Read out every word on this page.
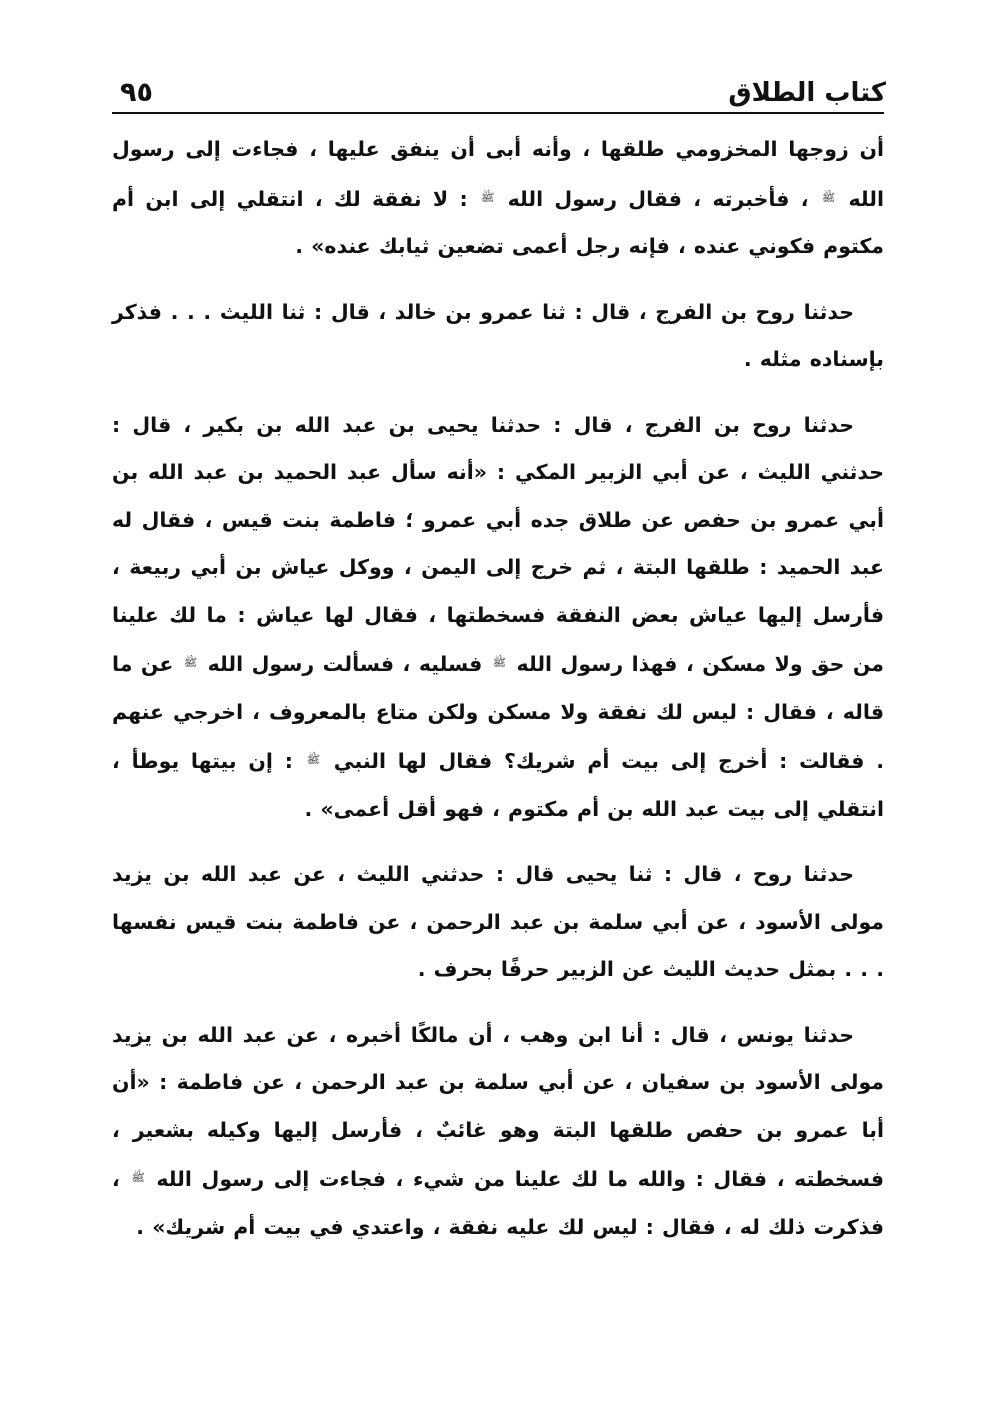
كتاب الطلاق
٩٥

أن زوجها المخزومي طلقها ، وأنه أبى أن ينفق عليها ، فجاءت إلى رسول الله $^ﷺ$ ، فأخبرته ، فقال رسول الله $^ﷺ$ : لا نفقة لك ، انتقلي إلى ابن أم مكتوم فكوني عنده ، فإنه رجل أعمى تضعين ثيابك عنده» .

حدثنا روح بن الفرج ، قال : ثنا عمرو بن خالد ، قال : ثنا الليث . . . فذكر بإسناده مثله .

حدثنا روح بن الفرج ، قال : حدثنا يحيى بن عبد الله بن بكير ، قال : حدثني الليث ، عن أبي الزبير المكي : «أنه سأل عبد الحميد بن عبد الله بن أبي عمرو بن حفص عن طلاق جده أبي عمرو ؛ فاطمة بنت قيس ، فقال له عبد الحميد : طلقها البتة ، ثم خرج إلى اليمن ، ووكل عياش بن أبي ربيعة ، فأرسل إليها عياش بعض النفقة فسخطتها ، فقال لها عياش : ما لك علينا من حق ولا مسكن ، فهذا رسول الله $^ﷺ$ فسليه ، فسألت رسول الله $^ﷺ$ عن ما قاله ، فقال : ليس لك نفقة ولا مسكن ولكن متاع بالمعروف ، اخرجي عنهم . فقالت : أخرج إلى بيت أم شريك؟ فقال لها النبي $^ﷺ$ : إن بيتها يوطأ ، انتقلي إلى بيت عبد الله بن أم مكتوم ، فهو أقل أعمى» .

حدثنا روح ، قال : ثنا يحيى قال : حدثني الليث ، عن عبد الله بن يزيد مولى الأسود ، عن أبي سلمة بن عبد الرحمن ، عن فاطمة بنت قيس نفسها . . . بمثل حديث الليث عن الزبير حرفًا بحرف .

حدثنا يونس ، قال : أنا ابن وهب ، أن مالكًا أخبره ، عن عبد الله بن يزيد مولى الأسود بن سفيان ، عن أبي سلمة بن عبد الرحمن ، عن فاطمة : «أن أبا عمرو بن حفص طلقها البتة وهو غائبٌ ، فأرسل إليها وكيله بشعير ، فسخطته ، فقال : والله ما لك علينا من شيء ، فجاءت إلى رسول الله $^ﷺ$ ، فذكرت ذلك له ، فقال : ليس لك عليه نفقة ، واعتدي في بيت أم شريك» .
